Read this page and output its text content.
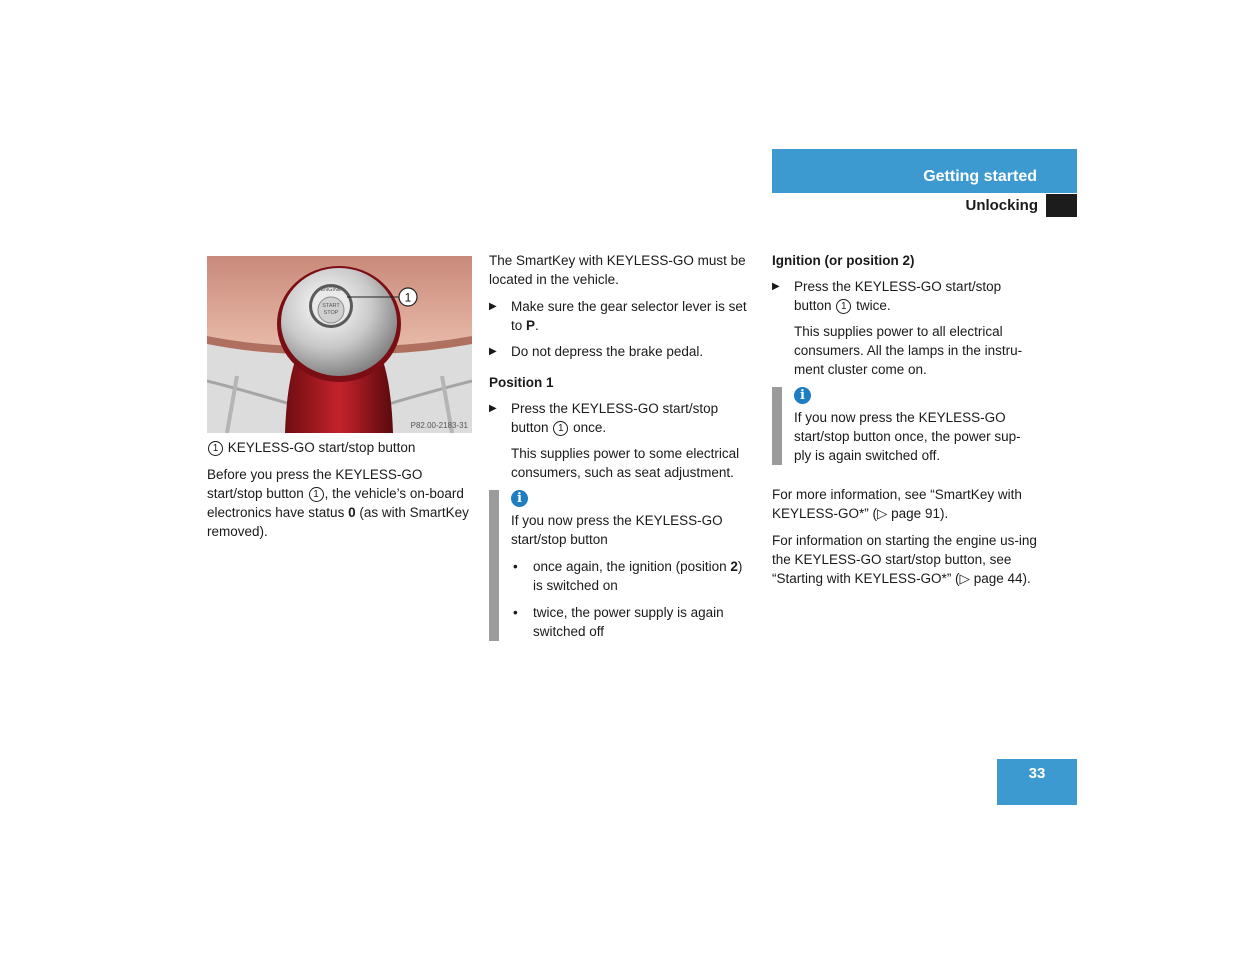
Getting started
Unlocking
ENGINE
START
STOP
1
P82.00-2183-31

1 KEYLESS-GO start/stop button

Before you press the KEYLESS-GO start/stop button 1 , the vehicle’s on-board electronics have status 0 (as with SmartKey removed).

The SmartKey with KEYLESS-GO must be located in the vehicle.

▶ Make sure the gear selector lever is set to P.
▶ Do not depress the brake pedal.

Position 1

▶ Press the KEYLESS-GO start/stop button 1 once.

This supplies power to some electrical consumers, such as seat adjustment.

i

If you now press the KEYLESS-GO start/stop button

• once again, the ignition (position 2) is switched on
• twice, the power supply is again switched off

Ignition (or position 2)

▶ Press the KEYLESS-GO start/stop button 1 twice.

This supplies power to all electrical consumers. All the lamps in the instru-ment cluster come on.

i

If you now press the KEYLESS-GO start/stop button once, the power sup-ply is again switched off.

For more information, see “SmartKey with KEYLESS-GO*” (▷ page 91).

For information on starting the engine us-ing the KEYLESS-GO start/stop button, see “Starting with KEYLESS-GO*” (▷ page 44).

33
